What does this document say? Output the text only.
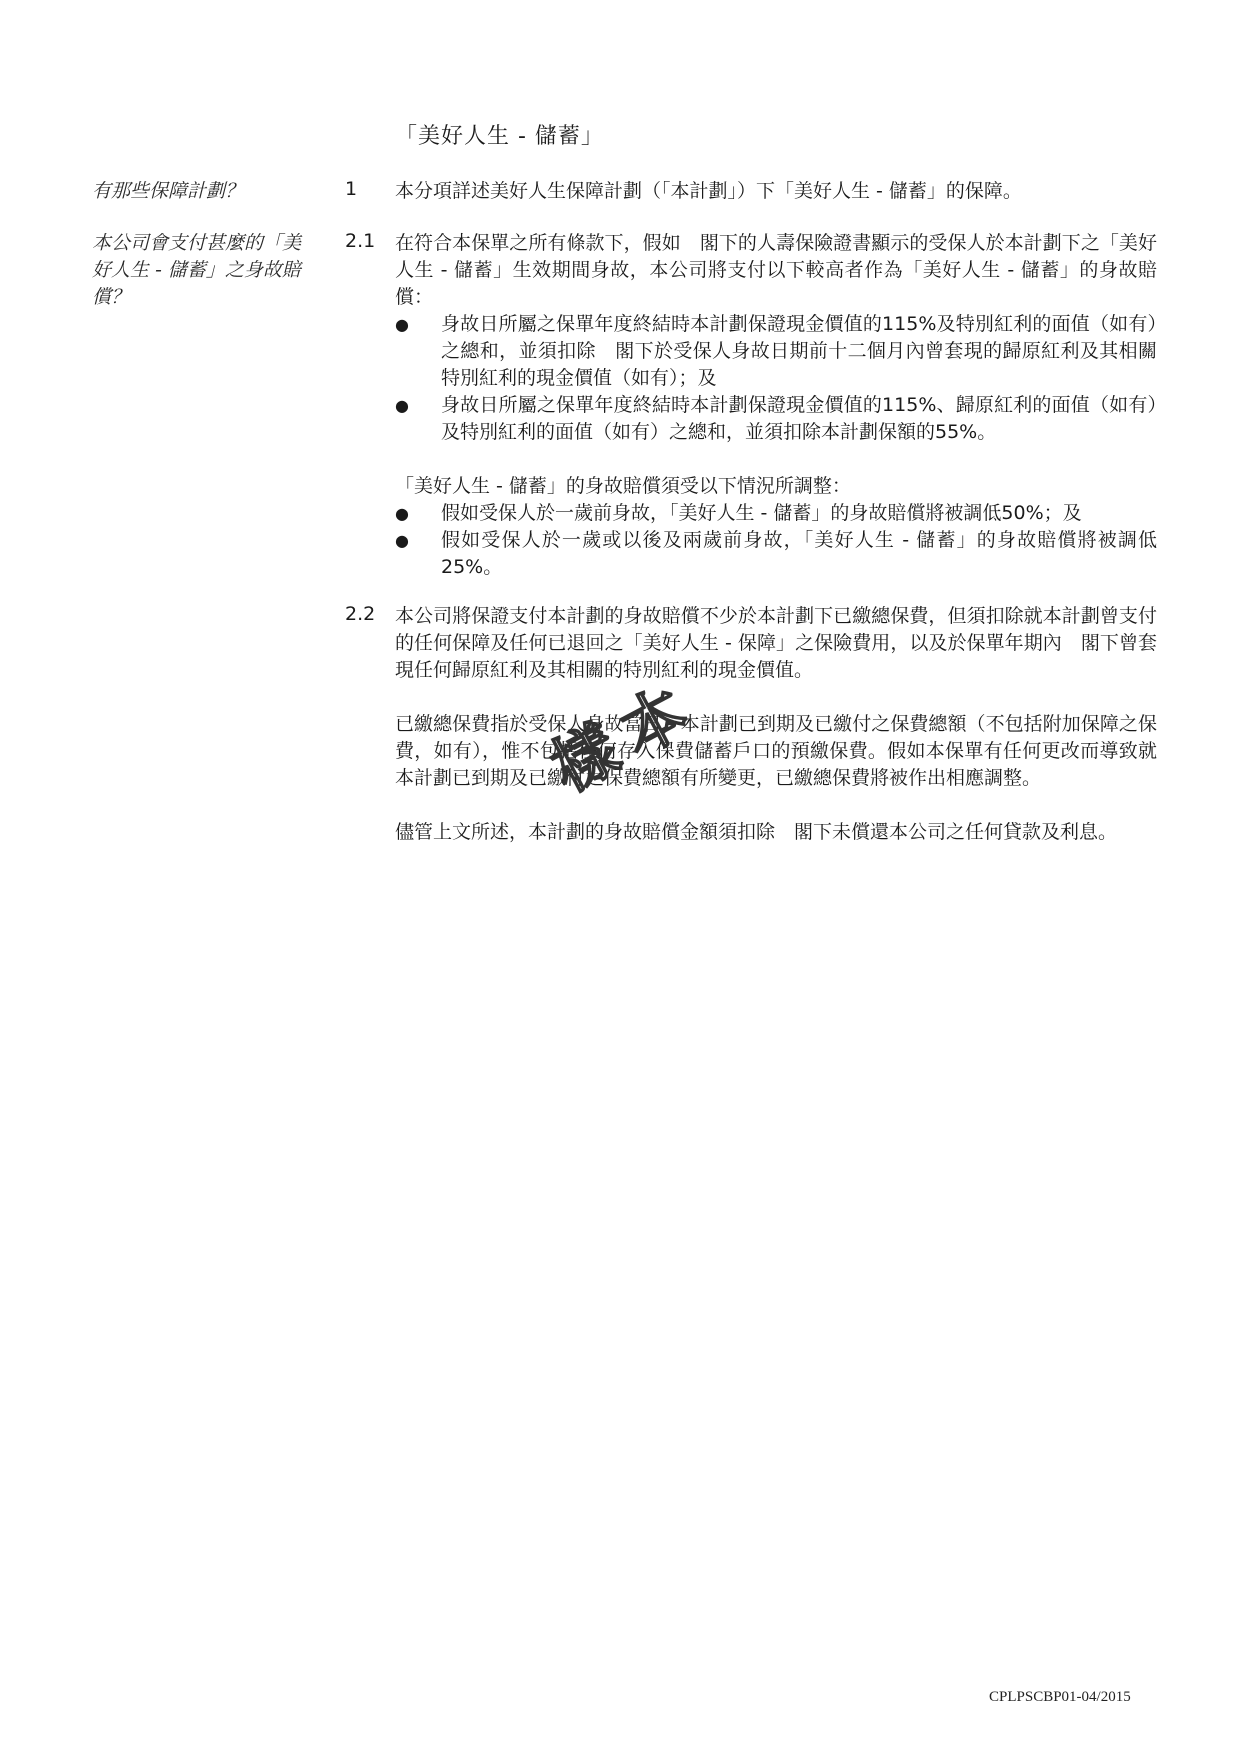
「美好人生 - 儲蓄」
有那些保障計劃？	1 本分項詳述美好人生保障計劃（「本計劃」）下「美好人生 - 儲蓄」的保障。

本公司會支付甚麼的「美好人生 - 儲蓄」之身故賠償？
2.1 在符合本保單之所有條款下，假如　閣下的人壽保險證書顯示的受保人於本計劃下之「美好人生 - 儲蓄」生效期間身故，本公司將支付以下較高者作為「美好人生 - 儲蓄」的身故賠償：

● 身故日所屬之保單年度終結時本計劃保證現金價值的115%及特別紅利的面值（如有）之總和，並須扣除　閣下於受保人身故日期前十二個月內曾套現的歸原紅利及其相關特別紅利的現金價值（如有）；及
● 身故日所屬之保單年度終結時本計劃保證現金價值的115%、歸原紅利的面值（如有）及特別紅利的面值（如有）之總和，並須扣除本計劃保額的55%。

「美好人生 - 儲蓄」的身故賠償須受以下情況所調整：

● 假如受保人於一歲前身故，「美好人生 - 儲蓄」的身故賠償將被調低50%；及
● 假如受保人於一歲或以後及兩歲前身故，「美好人生 - 儲蓄」的身故賠償將被調低25%。
2.2 本公司將保證支付本計劃的身故賠償不少於本計劃下已繳總保費，但須扣除就本計劃曾支付的任何保障及任何已退回之「美好人生 - 保障」之保險費用，以及於保單年期內　閣下曾套現任何歸原紅利及其相關的特別紅利的現金價值。

已繳總保費指於受保人身故當日，本計劃已到期及已繳付之保費總額（不包括附加保障之保費，如有），惟不包括任何存入保費儲蓄戶口的預繳保費。假如本保單有任何更改而導致就本計劃已到期及已繳付之保費總額有所變更，已繳總保費將被作出相應調整。

儘管上文所述，本計劃的身故賠償金額須扣除　閣下未償還本公司之任何貸款及利息。

樣本
CPLPSCBP01-04/2015
